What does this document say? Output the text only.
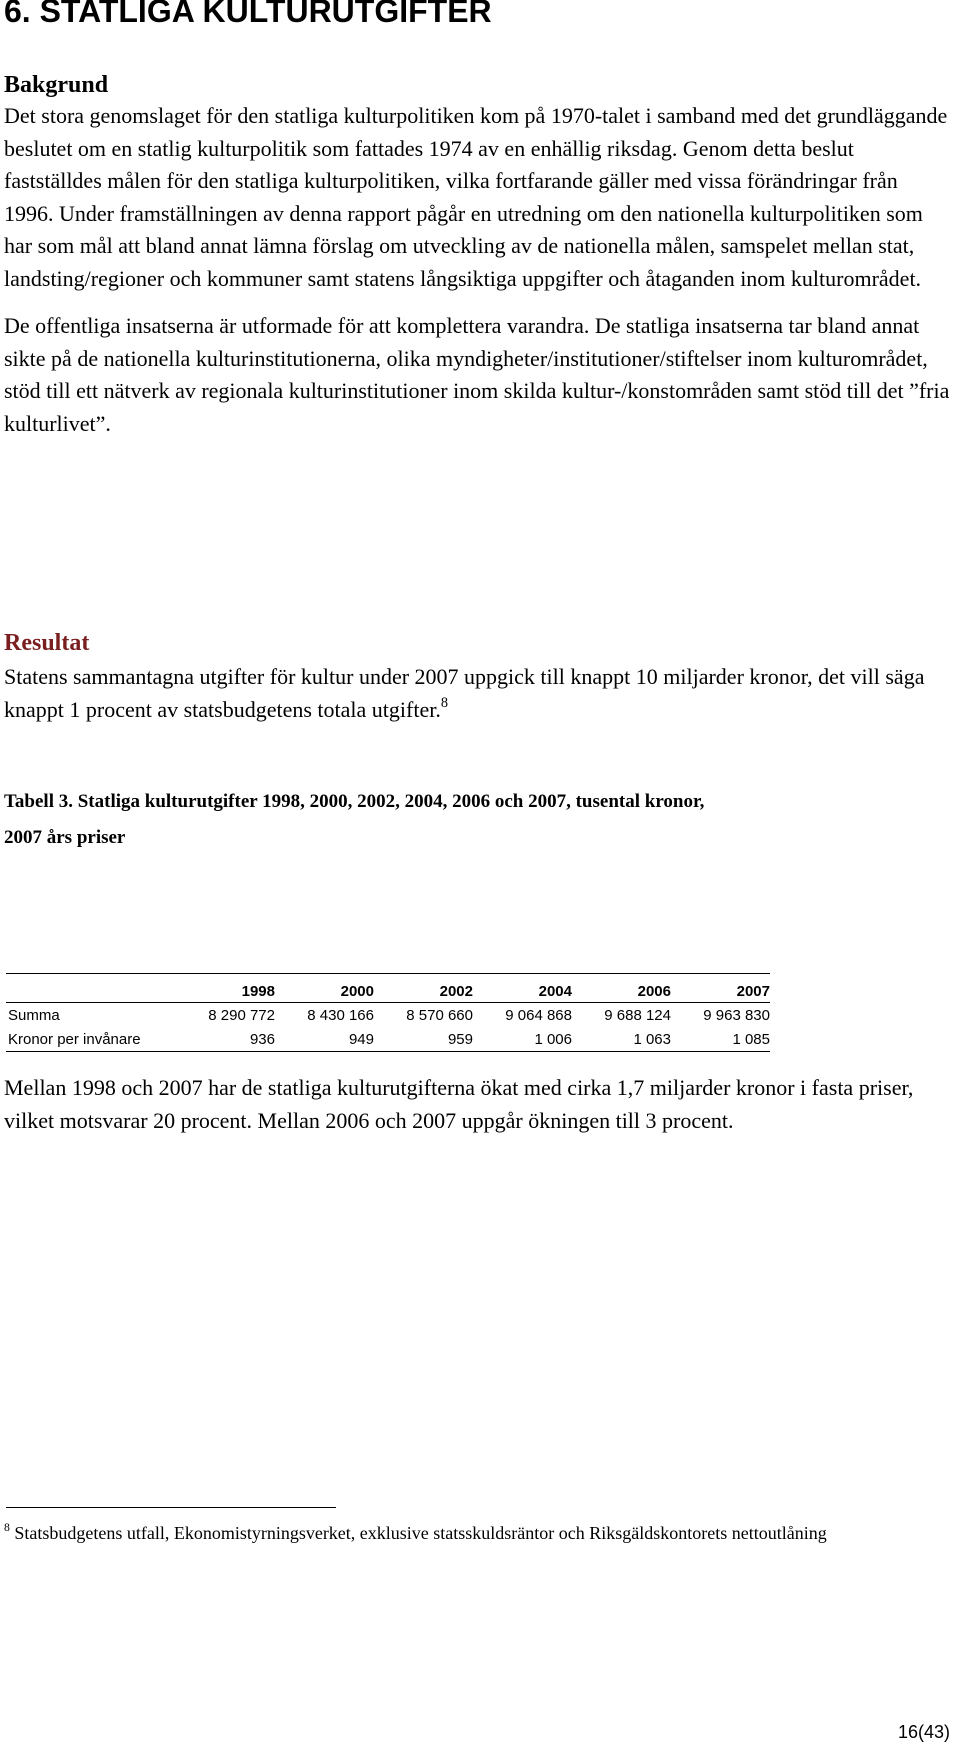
6. STATLIGA KULTURUTGIFTER
Bakgrund

Det stora genomslaget för den statliga kulturpolitiken kom på 1970-talet i samband med det grundläggande beslutet om en statlig kulturpolitik som fattades 1974 av en enhällig riksdag. Genom detta beslut fastställdes målen för den statliga kulturpolitiken, vilka fortfarande gäller med vissa förändringar från 1996. Under framställningen av denna rapport pågår en utredning om den nationella kulturpolitiken som har som mål att bland annat lämna förslag om utveckling av de nationella målen, samspelet mellan stat, landsting/regioner och kommuner samt statens långsiktiga uppgifter och åtaganden inom kulturområdet.

De offentliga insatserna är utformade för att komplettera varandra. De statliga insatserna tar bland annat sikte på de nationella kulturinstitutionerna, olika myndigheter/institutioner/stiftelser inom kulturområdet, stöd till ett nätverk av regionala kulturinstitutioner inom skilda kultur-/konstområden samt stöd till det ”fria kulturlivet”.

Resultat

Statens sammantagna utgifter för kultur under 2007 uppgick till knappt 10 miljarder kronor, det vill säga knappt 1 procent av statsbudgetens totala utgifter.$^8$

Tabell 3. Statliga kulturutgifter 1998, 2000, 2002, 2004, 2006 och 2007, tusental kronor, 2007 års priser

	1998	2000	2002	2004	2006	2007
Summa	8 290 772	8 430 166	8 570 660	9 064 868	9 688 124	9 963 830
Kronor per invånare	936	949	959	1 006	1 063	1 085

Mellan 1998 och 2007 har de statliga kulturutgifterna ökat med cirka 1,7 miljarder kronor i fasta priser, vilket motsvarar 20 procent. Mellan 2006 och 2007 uppgår ökningen till 3 procent.

$^8$ Statsbudgetens utfall, Ekonomistyrningsverket, exklusive statsskuldsräntor och Riksgäldskontorets nettoutlåning

16(43)
